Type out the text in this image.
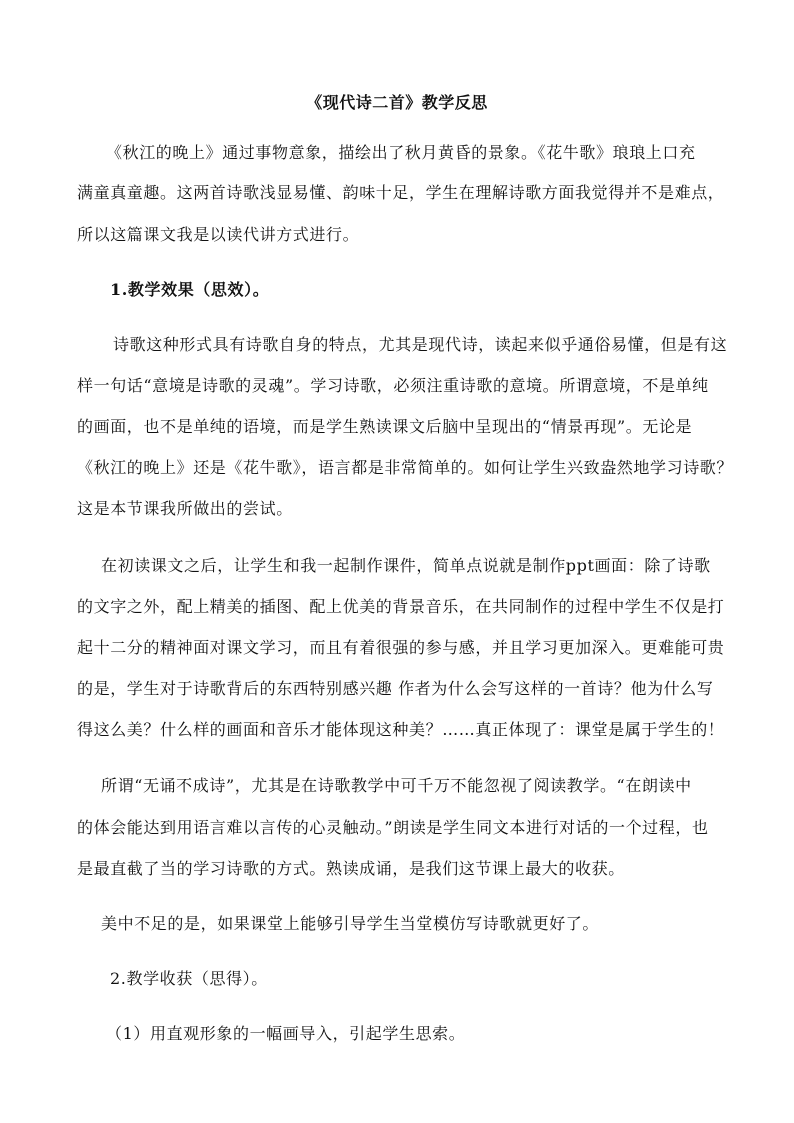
《现代诗二首》教学反思
《秋江的晚上》通过事物意象，描绘出了秋月黄昏的景象。《花牛歌》琅琅上口充
满童真童趣。这两首诗歌浅显易懂、韵味十足，学生在理解诗歌方面我觉得并不是难点，
所以这篇课文我是以读代讲方式进行。
1.教学效果（思效）。
诗歌这种形式具有诗歌自身的特点，尤其是现代诗，读起来似乎通俗易懂，但是有这
样一句话“意境是诗歌的灵魂”。学习诗歌，必须注重诗歌的意境。所谓意境，不是单纯
的画面，也不是单纯的语境，而是学生熟读课文后脑中呈现出的“情景再现”。无论是
《秋江的晚上》还是《花牛歌》，语言都是非常简单的。如何让学生兴致盎然地学习诗歌？
这是本节课我所做出的尝试。
在初读课文之后，让学生和我一起制作课件，简单点说就是制作ppt画面：除了诗歌
的文字之外，配上精美的插图、配上优美的背景音乐，在共同制作的过程中学生不仅是打
起十二分的精神面对课文学习，而且有着很强的参与感，并且学习更加深入。更难能可贵
的是，学生对于诗歌背后的东西特别感兴趣 作者为什么会写这样的一首诗？他为什么写
得这么美？什么样的画面和音乐才能体现这种美？……真正体现了：课堂是属于学生的！
所谓“无诵不成诗”，尤其是在诗歌教学中可千万不能忽视了阅读教学。“在朗读中
的体会能达到用语言难以言传的心灵触动。”朗读是学生同文本进行对话的一个过程，也
是最直截了当的学习诗歌的方式。熟读成诵，是我们这节课上最大的收获。
美中不足的是，如果课堂上能够引导学生当堂模仿写诗歌就更好了。
2.教学收获（思得）。
（1）用直观形象的一幅画导入，引起学生思索。
